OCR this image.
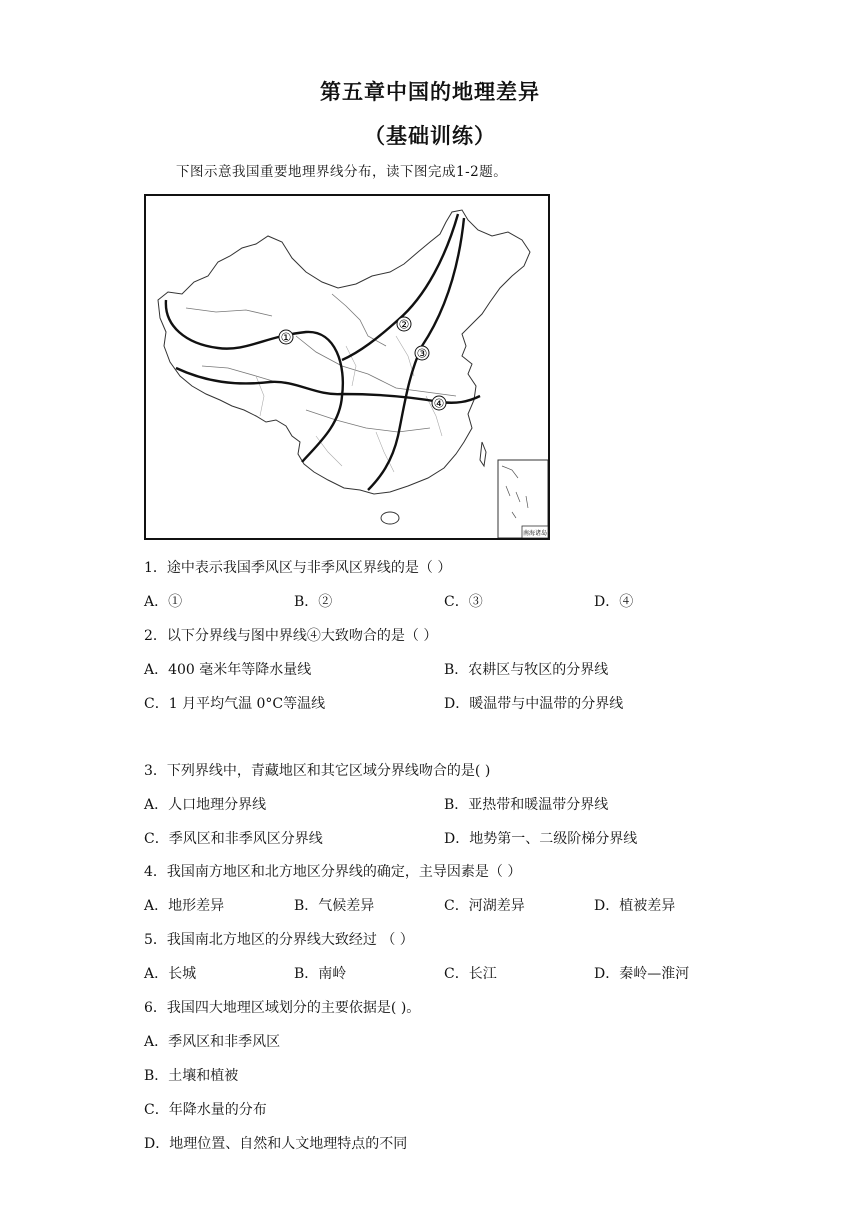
第五章中国的地理差异
（基础训练）
下图示意我国重要地理界线分布，读下图完成1-2题。
①
②
③
④
南海诸岛
1．途中表示我国季风区与非季风区界线的是（ ）
A．①	B．②	C．③	D．④
2．以下分界线与图中界线④大致吻合的是（ ）
A．400 毫米年等降水量线	B．农耕区与牧区的分界线
C．1 月平均气温 0°C等温线	D．暖温带与中温带的分界线
3．下列界线中，青藏地区和其它区域分界线吻合的是( )
A．人口地理分界线	B．亚热带和暖温带分界线
C．季风区和非季风区分界线	D．地势第一、二级阶梯分界线
4．我国南方地区和北方地区分界线的确定，主导因素是（ ）
A．地形差异	B．气候差异	C．河湖差异	D．植被差异
5．我国南北方地区的分界线大致经过 （ ）
A．长城	B．南岭	C．长江	D．秦岭—淮河
6．我国四大地理区域划分的主要依据是( )。
A．季风区和非季风区
B．土壤和植被
C．年降水量的分布
D．地理位置、自然和人文地理特点的不同
